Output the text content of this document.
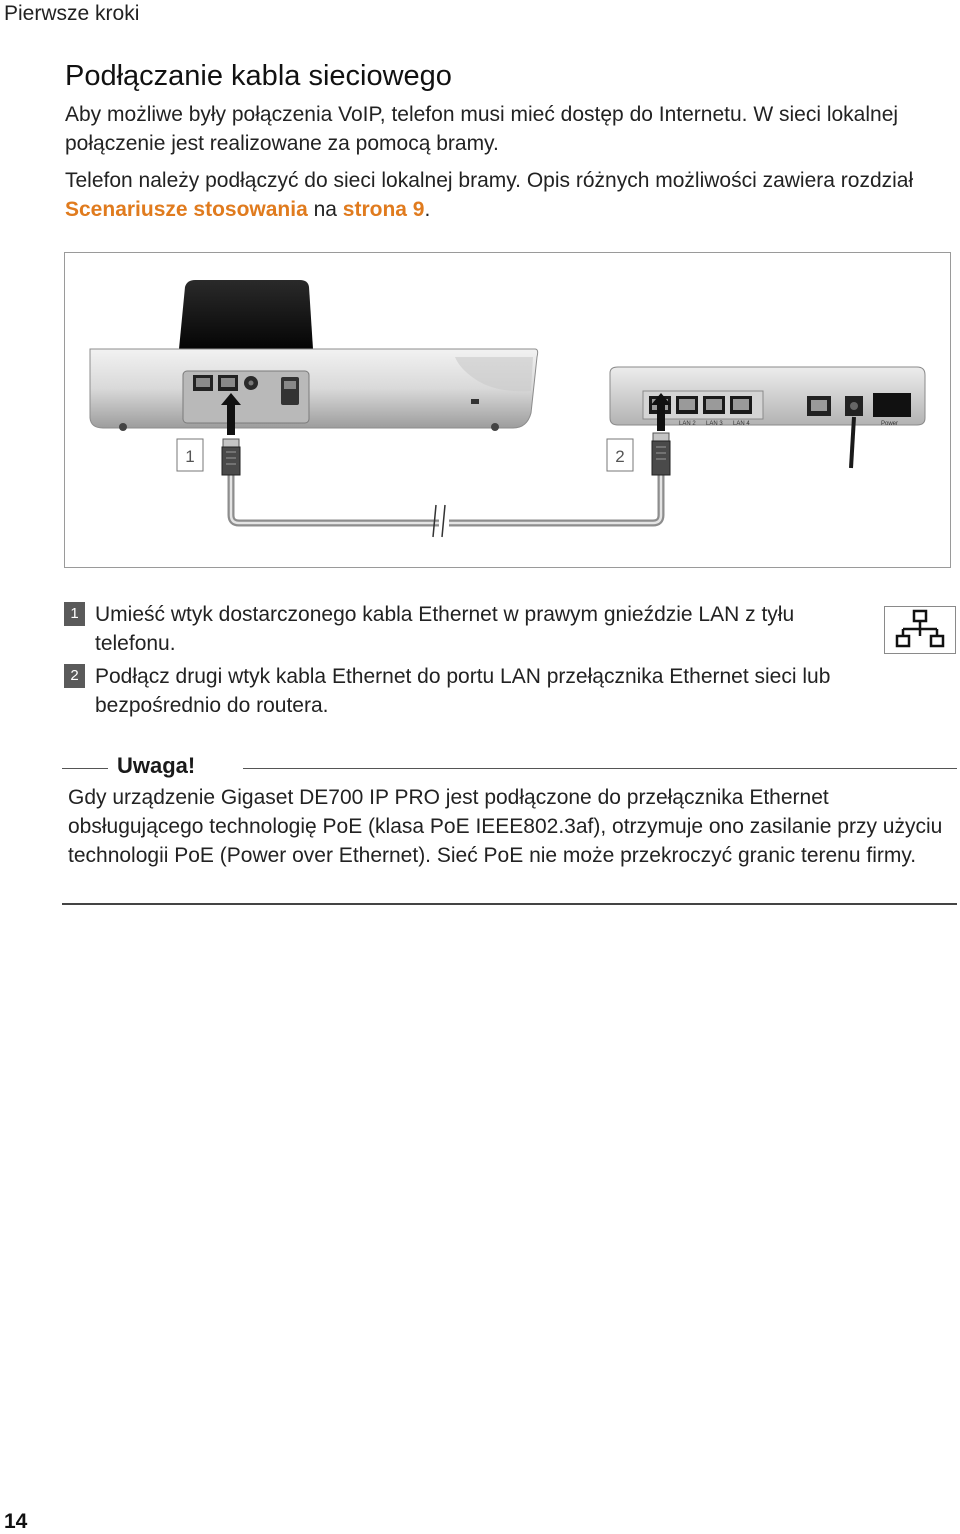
Pierwsze kroki
Podłączanie kabla sieciowego

Aby możliwe były połączenia VoIP, telefon musi mieć dostęp do Internetu. W sieci lokalnej połączenie jest realizowane za pomocą bramy.

Telefon należy podłączyć do sieci lokalnej bramy. Opis różnych możliwości zawiera rozdział Scenariusze stosowania na strona 9.

LAN 2 LAN 3 LAN 4	Power
1	2
1 Umieść wtyk dostarczonego kabla Ethernet w prawym gnieździe LAN z tyłu telefonu.
2 Podłącz drugi wtyk kabla Ethernet do portu LAN przełącznika Ethernet sieci lub bezpośrednio do routera.
Uwaga!
Gdy urządzenie Gigaset DE700 IP PRO jest podłączone do przełącznika Ethernet obsługującego technologię PoE (klasa PoE IEEE802.3af), otrzymuje ono zasilanie przy użyciu technologii PoE (Power over Ethernet). Sieć PoE nie może przekroczyć granic terenu firmy.
14
